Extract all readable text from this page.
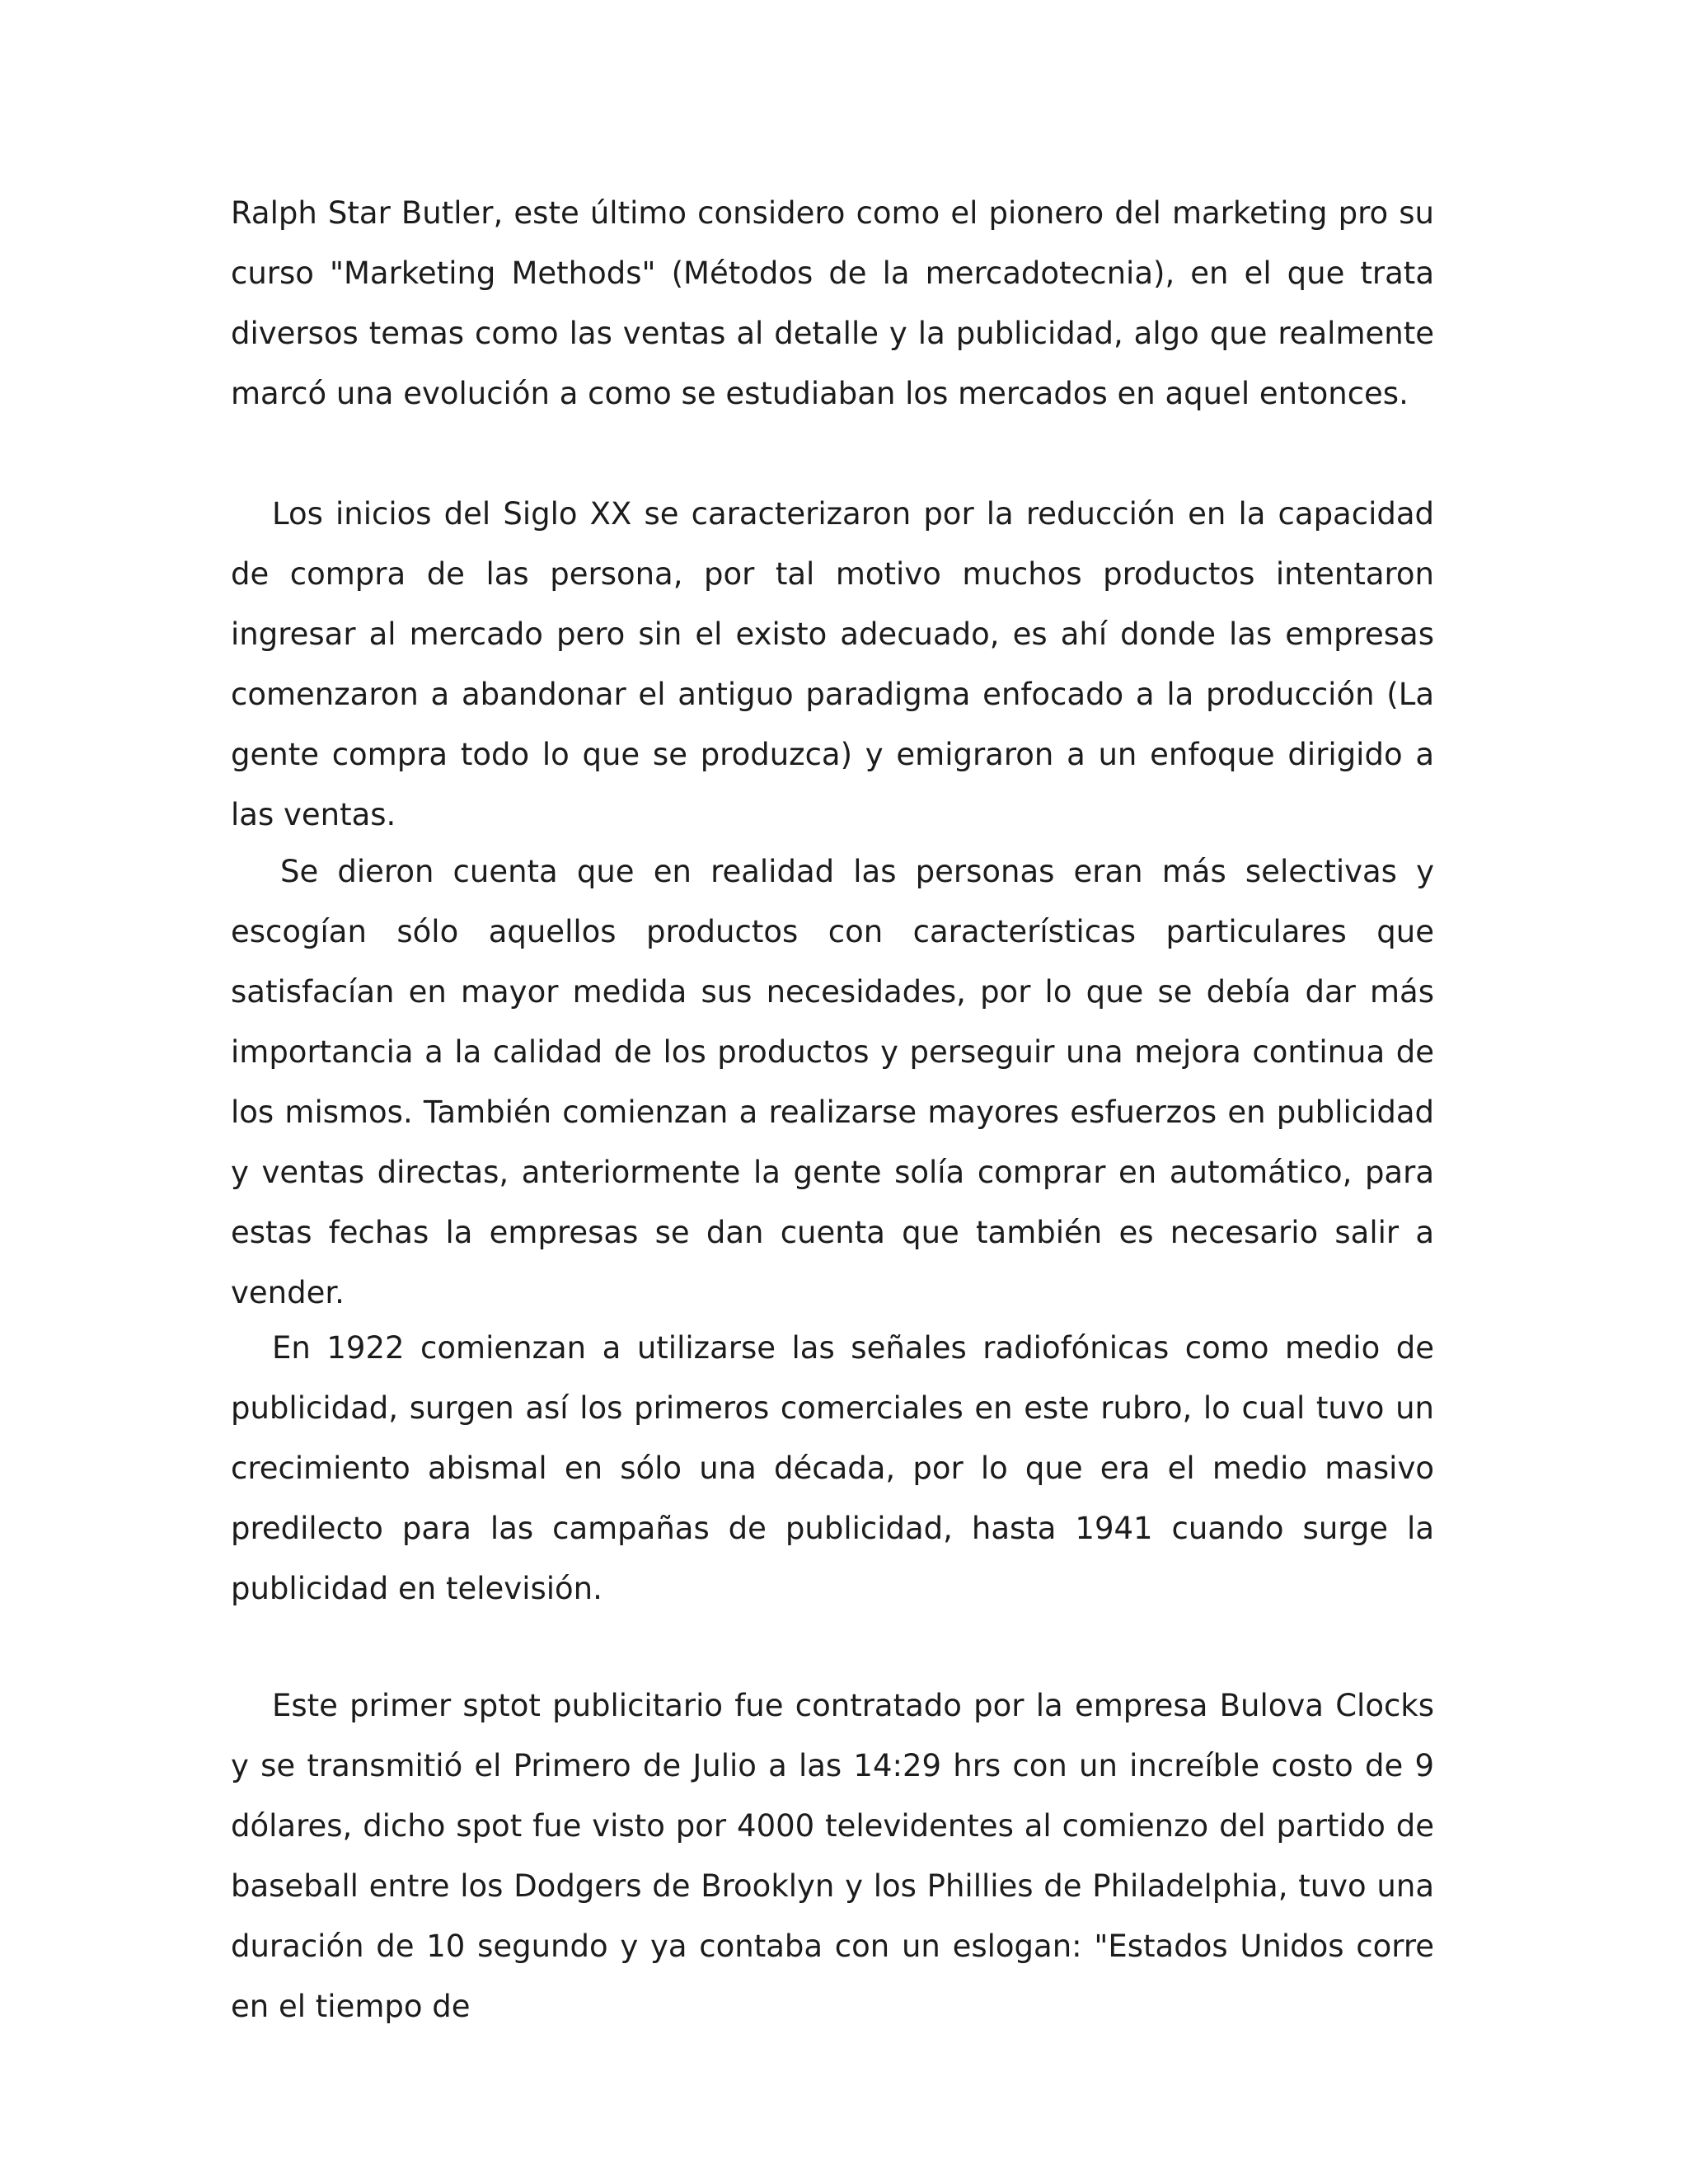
Ralph Star Butler, este último considero como el pionero del marketing pro su curso "Marketing Methods" (Métodos de la mercadotecnia), en el que trata diversos temas como las ventas al detalle y la publicidad, algo que realmente marcó una evolución a como se estudiaban los mercados en aquel entonces.

Los inicios del Siglo XX se caracterizaron por la reducción en la capacidad de compra de las persona, por tal motivo muchos productos intentaron ingresar al mercado pero sin el existo adecuado, es ahí donde las empresas comenzaron a abandonar el antiguo paradigma enfocado a la producción (La gente compra todo lo que se produzca) y emigraron a un enfoque dirigido a las ventas.

Se dieron cuenta que en realidad las personas eran más selectivas y escogían sólo aquellos productos con características particulares que satisfacían en mayor medida sus necesidades, por lo que se debía dar más importancia a la calidad de los productos y perseguir una mejora continua de los mismos. También comienzan a realizarse mayores esfuerzos en publicidad y ventas directas, anteriormente la gente solía comprar en automático, para estas fechas la empresas se dan cuenta que también es necesario salir a vender.

En 1922 comienzan a utilizarse las señales radiofónicas como medio de publicidad, surgen así los primeros comerciales en este rubro, lo cual tuvo un crecimiento abismal en sólo una década, por lo que era el medio masivo predilecto para las campañas de publicidad, hasta 1941 cuando surge la publicidad en televisión.

Este primer sptot publicitario fue contratado por la empresa Bulova Clocks y se transmitió el Primero de Julio a las 14:29 hrs con un increíble costo de 9 dólares, dicho spot fue visto por 4000 televidentes al comienzo del partido de baseball entre los Dodgers de Brooklyn y los Phillies de Philadelphia, tuvo una duración de 10 segundo y ya contaba con un eslogan: "Estados Unidos corre en el tiempo de
